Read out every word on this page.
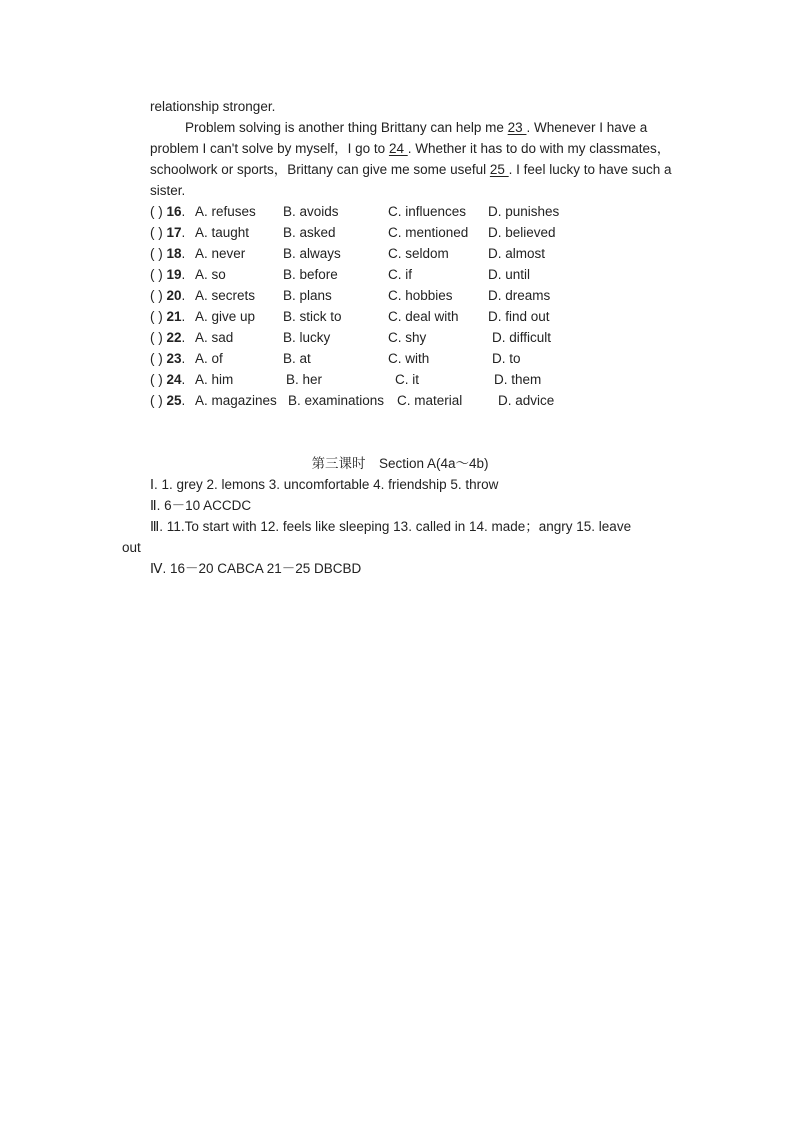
relationship stronger.
Problem solving is another thing Brittany can help me 23 . Whenever I have a
problem I can't solve by myself，I go to 24 . Whether it has to do with my classmates，
schoolwork or sports，Brittany can give me some useful 25 . I feel lucky to have such a
sister.
( ) 16. A. refuses B. avoids	C. influences D. punishes
( ) 17. A. taught	B. asked	C. mentioned D. believed
( ) 18. A. never	B. always	C. seldom	D. almost
( ) 19. A. so	B. before	C. if	D. until
( ) 20. A. secrets B. plans	C. hobbies	D. dreams
( ) 21. A. give up B. stick to	C. deal with D. find out
( ) 22. A. sad	B. lucky	C. shy	D. difficult
( ) 23. A. of	B. at	C. with	D. to
( ) 24. A. him	B. her	C. it	D. them
( ) 25. A. magazines B. examinations C. material	D. advice
第三课时　Section A(4a～4b)
Ⅰ. 1. grey 2. lemons 3. uncomfortable 4. friendship 5. throw
Ⅱ. 6－10 ACCDC
Ⅲ. 11.To start with 12. feels like sleeping 13. called in 14. made；angry 15. leave
out
Ⅳ. 16－20 CABCA 21－25 DBCBD
